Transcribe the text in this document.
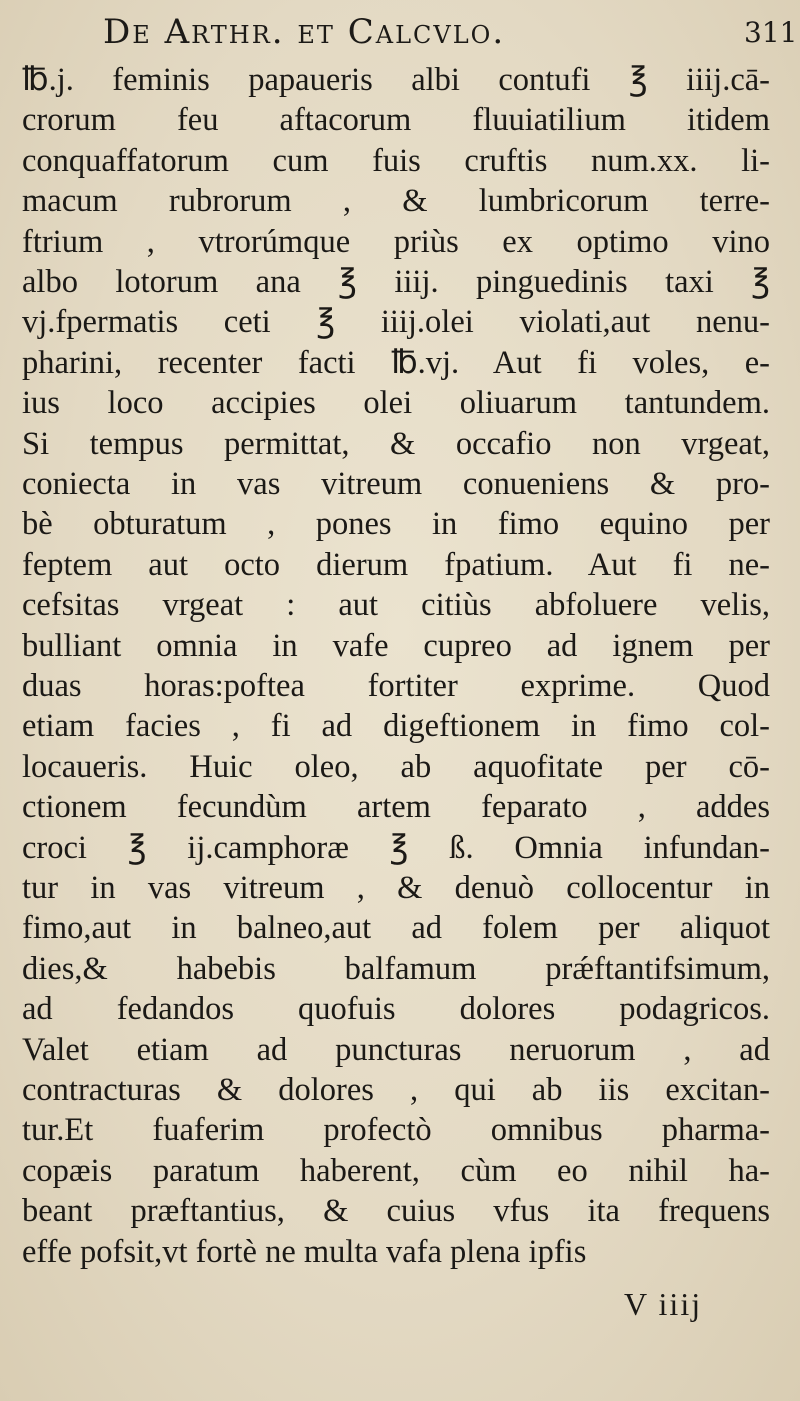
De Arthr. et Calcvlo.	311
℔.j. feminis papaueris albi contufi ℥ iiij.cā-
crorum feu aftacorum fluuiatilium itidem
conquaffatorum cum fuis cruftis num.xx. li-
macum rubrorum , & lumbricorum terre-
ftrium , vtrorúmque priùs ex optimo vino
albo lotorum ana ℥ iiij. pinguedinis taxi ℥
vj.fpermatis ceti ℥ iiij.olei violati,aut nenu-
pharini, recenter facti ℔.vj. Aut fi voles, e-
ius loco accipies olei oliuarum tantundem.
Si tempus permittat, & occafio non vrgeat,
coniecta in vas vitreum conueniens & pro-
bè obturatum , pones in fimo equino per
feptem aut octo dierum fpatium. Aut fi ne-
cefsitas vrgeat : aut citiùs abfoluere velis,
bulliant omnia in vafe cupreo ad ignem per
duas horas:poftea fortiter exprime. Quod
etiam facies , fi ad digeftionem in fimo col-
locaueris. Huic oleo, ab aquofitate per cō-
ctionem fecundùm artem feparato , addes
croci ℥ ij.camphoræ ℥ ß. Omnia infundan-
tur in vas vitreum , & denuò collocentur in
fimo,aut in balneo,aut ad folem per aliquot
dies,& habebis balfamum prǽftantifsimum,
ad fedandos quofuis dolores podagricos.
Valet etiam ad puncturas neruorum , ad
contracturas & dolores , qui ab iis excitan-
tur.Et fuaferim profectò omnibus pharma-
copæis paratum haberent, cùm eo nihil ha-
beant præftantius, & cuius vfus ita frequens
effe pofsit,vt fortè ne multa vafa plena ipfis
V iiij
